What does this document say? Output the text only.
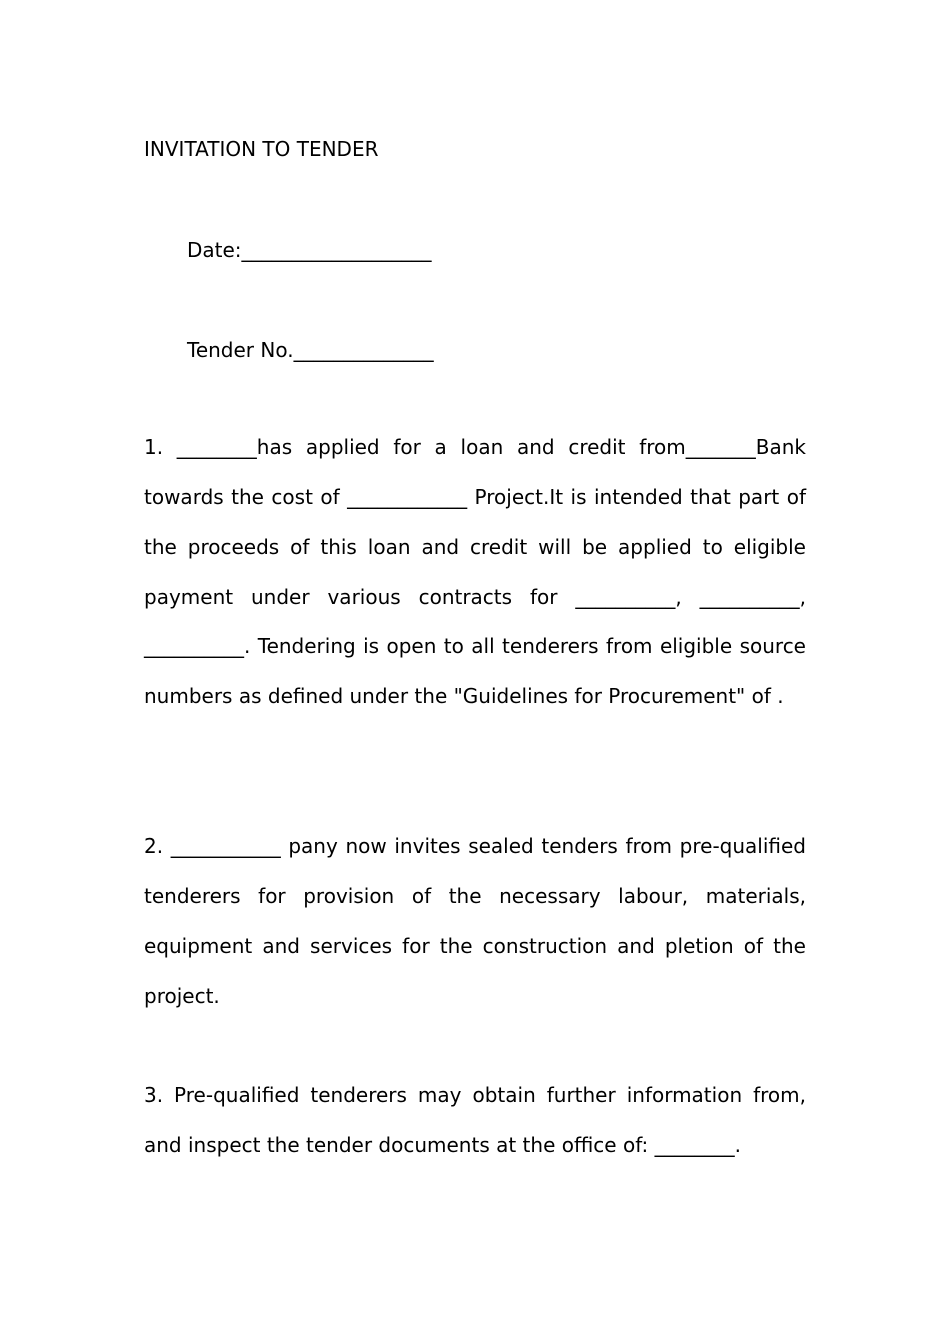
INVITATION TO TENDER
Date:___________________
Tender No.______________

1. ________has applied for a loan and credit from_______Bank towards the cost of ____________ Project.It is intended that part of the proceeds of this loan and credit will be applied to eligible payment under various contracts for __________, __________, __________. Tendering is open to all tenderers from eligible source numbers as defined under the "Guidelines for Procurement" of .

2. ___________ pany now invites sealed tenders from pre-qualified tenderers for provision of the necessary labour, materials, equipment and services for the construction and pletion of the project.

3. Pre-qualified tenderers may obtain further information from, and inspect the tender documents at the office of: ________.
